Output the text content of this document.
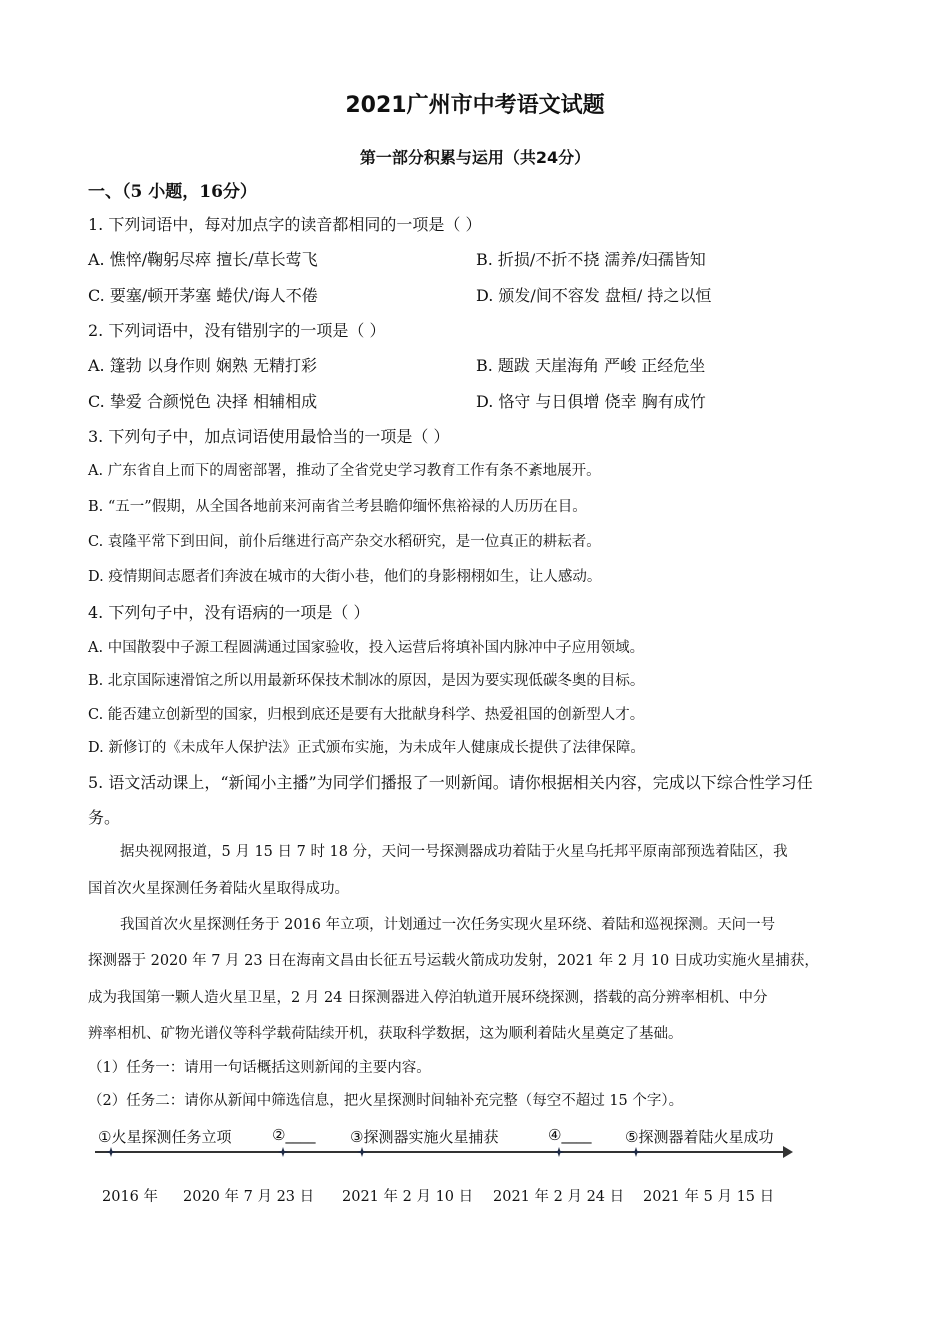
2021广州市中考语文试题
第一部分积累与运用（共24分）
一、（5 小题，16分）
1. 下列词语中，每对加点字的读音都相同的一项是（ ）
A. 憔悴/鞠躬尽瘁 擅长/草长莺飞	B. 折损/不折不挠 濡养/妇孺皆知
C. 要塞/顿开茅塞 蜷伏/诲人不倦	D. 颁发/间不容发 盘桓/ 持之以恒
2. 下列词语中，没有错别字的一项是（ ）
A. 篷勃 以身作则 娴熟 无精打彩	B. 题跋 天崖海角 严峻 正经危坐
C. 挚爱 合颜悦色 决择 相辅相成	D. 恪守 与日俱增 侥幸 胸有成竹
3. 下列句子中，加点词语使用最恰当的一项是（ ）
A. 广东省自上而下的周密部署，推动了全省党史学习教育工作有条不紊地展开。
B. “五一”假期，从全国各地前来河南省兰考县瞻仰缅怀焦裕禄的人历历在目。
C. 袁隆平常下到田间，前仆后继进行高产杂交水稻研究，是一位真正的耕耘者。
D. 疫情期间志愿者们奔波在城市的大街小巷，他们的身影栩栩如生，让人感动。
4. 下列句子中，没有语病的一项是（ ）
A. 中国散裂中子源工程圆满通过国家验收，投入运营后将填补国内脉冲中子应用领域。
B. 北京国际速滑馆之所以用最新环保技术制冰的原因，是因为要实现低碳冬奥的目标。
C. 能否建立创新型的国家，归根到底还是要有大批献身科学、热爱祖国的创新型人才。
D. 新修订的《未成年人保护法》正式颁布实施，为未成年人健康成长提供了法律保障。
5. 语文活动课上，“新闻小主播”为同学们播报了一则新闻。请你根据相关内容，完成以下综合性学习任
务。
据央视网报道，5 月 15 日 7 时 18 分，天问一号探测器成功着陆于火星乌托邦平原南部预选着陆区，我
国首次火星探测任务着陆火星取得成功。
我国首次火星探测任务于 2016 年立项，计划通过一次任务实现火星环绕、着陆和巡视探测。天问一号
探测器于 2020 年 7 月 23 日在海南文昌由长征五号运载火箭成功发射，2021 年 2 月 10 日成功实施火星捕获，
成为我国第一颗人造火星卫星，2 月 24 日探测器进入停泊轨道开展环绕探测，搭载的高分辨率相机、中分
辨率相机、矿物光谱仪等科学载荷陆续开机，获取科学数据，这为顺利着陆火星奠定了基础。
（1）任务一：请用一句话概括这则新闻的主要内容。
（2）任务二：请你从新闻中筛选信息，把火星探测时间轴补充完整（每空不超过 15 个字）。
①火星探测任务立项	②____ ③探测器实施火星捕获	④____ ⑤探测器着陆火星成功
2016 年 2020 年 7 月 23 日 2021 年 2 月 10 日 2021 年 2 月 24 日 2021 年 5 月 15 日
